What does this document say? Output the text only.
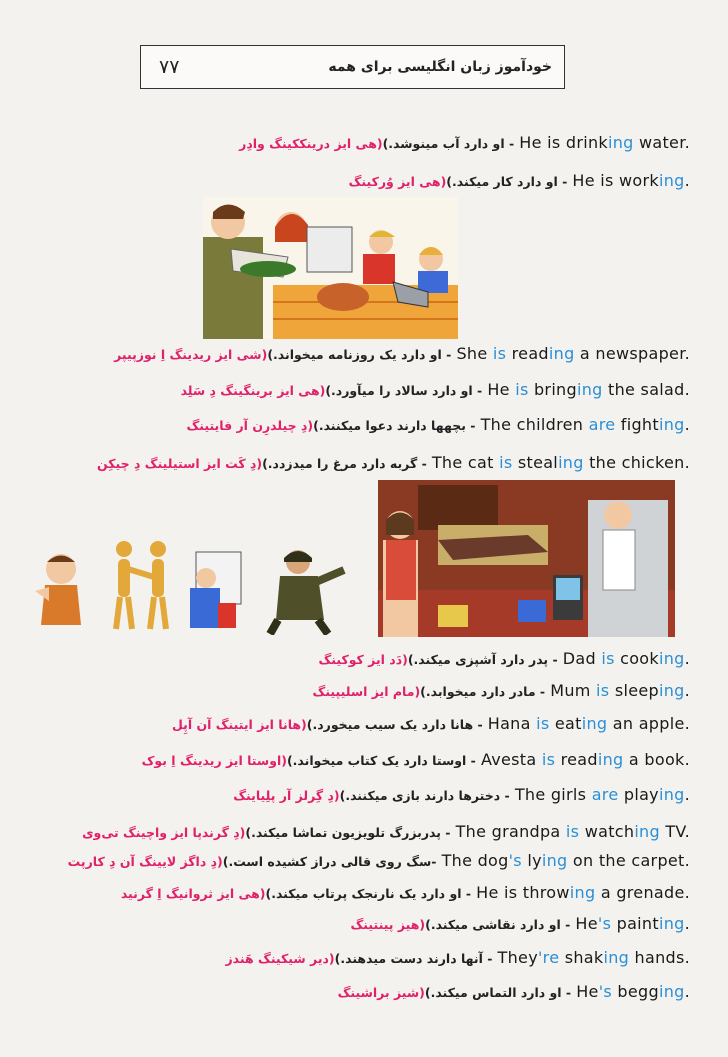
۷۷	خودآموز زبان انگلیسی برای همه
- او دارد آب مینوشد.)(هی ایز درینککینگ وادِر	He is drinking water.
- او دارد کار میکند.)(هی ایز وُرکینگ	He is working.
- او دارد یک روزنامه میخواند.)(شی ایز ریدینگ اِ نوزپیپر	She is reading a newspaper.
- او دارد سالاد را میآورد.)(هی ایز برینگینگ دِ سَلِد	He is bringing the salad.
- بچهها دارند دعوا میکنند.)(دِ چیلدرِن آر فایتینگ	The children are fighting.
- گربه دارد مرغ را میدزدد.)(دِ کَت ایز استیلینگ دِ چیکِن	The cat is stealing the chicken.
- پدر دارد آشپزی میکند.)(دَد ایز کوکینگ	Dad is cooking.
- مادر دارد میخوابد.)(مام ایز اسلیپینگ	Mum is sleeping.
- هانا دارد یک سیب میخورد.)(هانا ایز ایتینگ آن آپِل	Hana is eating an apple.
- اوستا دارد یک کتاب میخواند.)(اوستا ایز ریدینگ اِ بوک	Avesta is reading a book.
- دخترها دارند بازی میکنند.)(دِ گِرلز آر پلِیاینگ	The girls are playing.
- پدربزرگ تلویزیون تماشا میکند.)(دِ گرندپا ایز واچینگ تی‌وی	The grandpa is watching TV.
-سگ روی قالی دراز کشیده است.)(دِ داگز لایینگ آن دِ کارپت	The dog's lying on the carpet.
- او دارد یک نارنجک پرتاب میکند.)(هی ایز ثروانیگ اِ گرنید	He is throwing a grenade.
- او دارد نقاشی میکند.)(هیز پینتینگ	He's painting.
- آنها دارند دست میدهند.)(دیر شیکینگ هَندز	They're shaking hands.
- او دارد التماس میکند.)(شیز براشینگ	He's begging.
